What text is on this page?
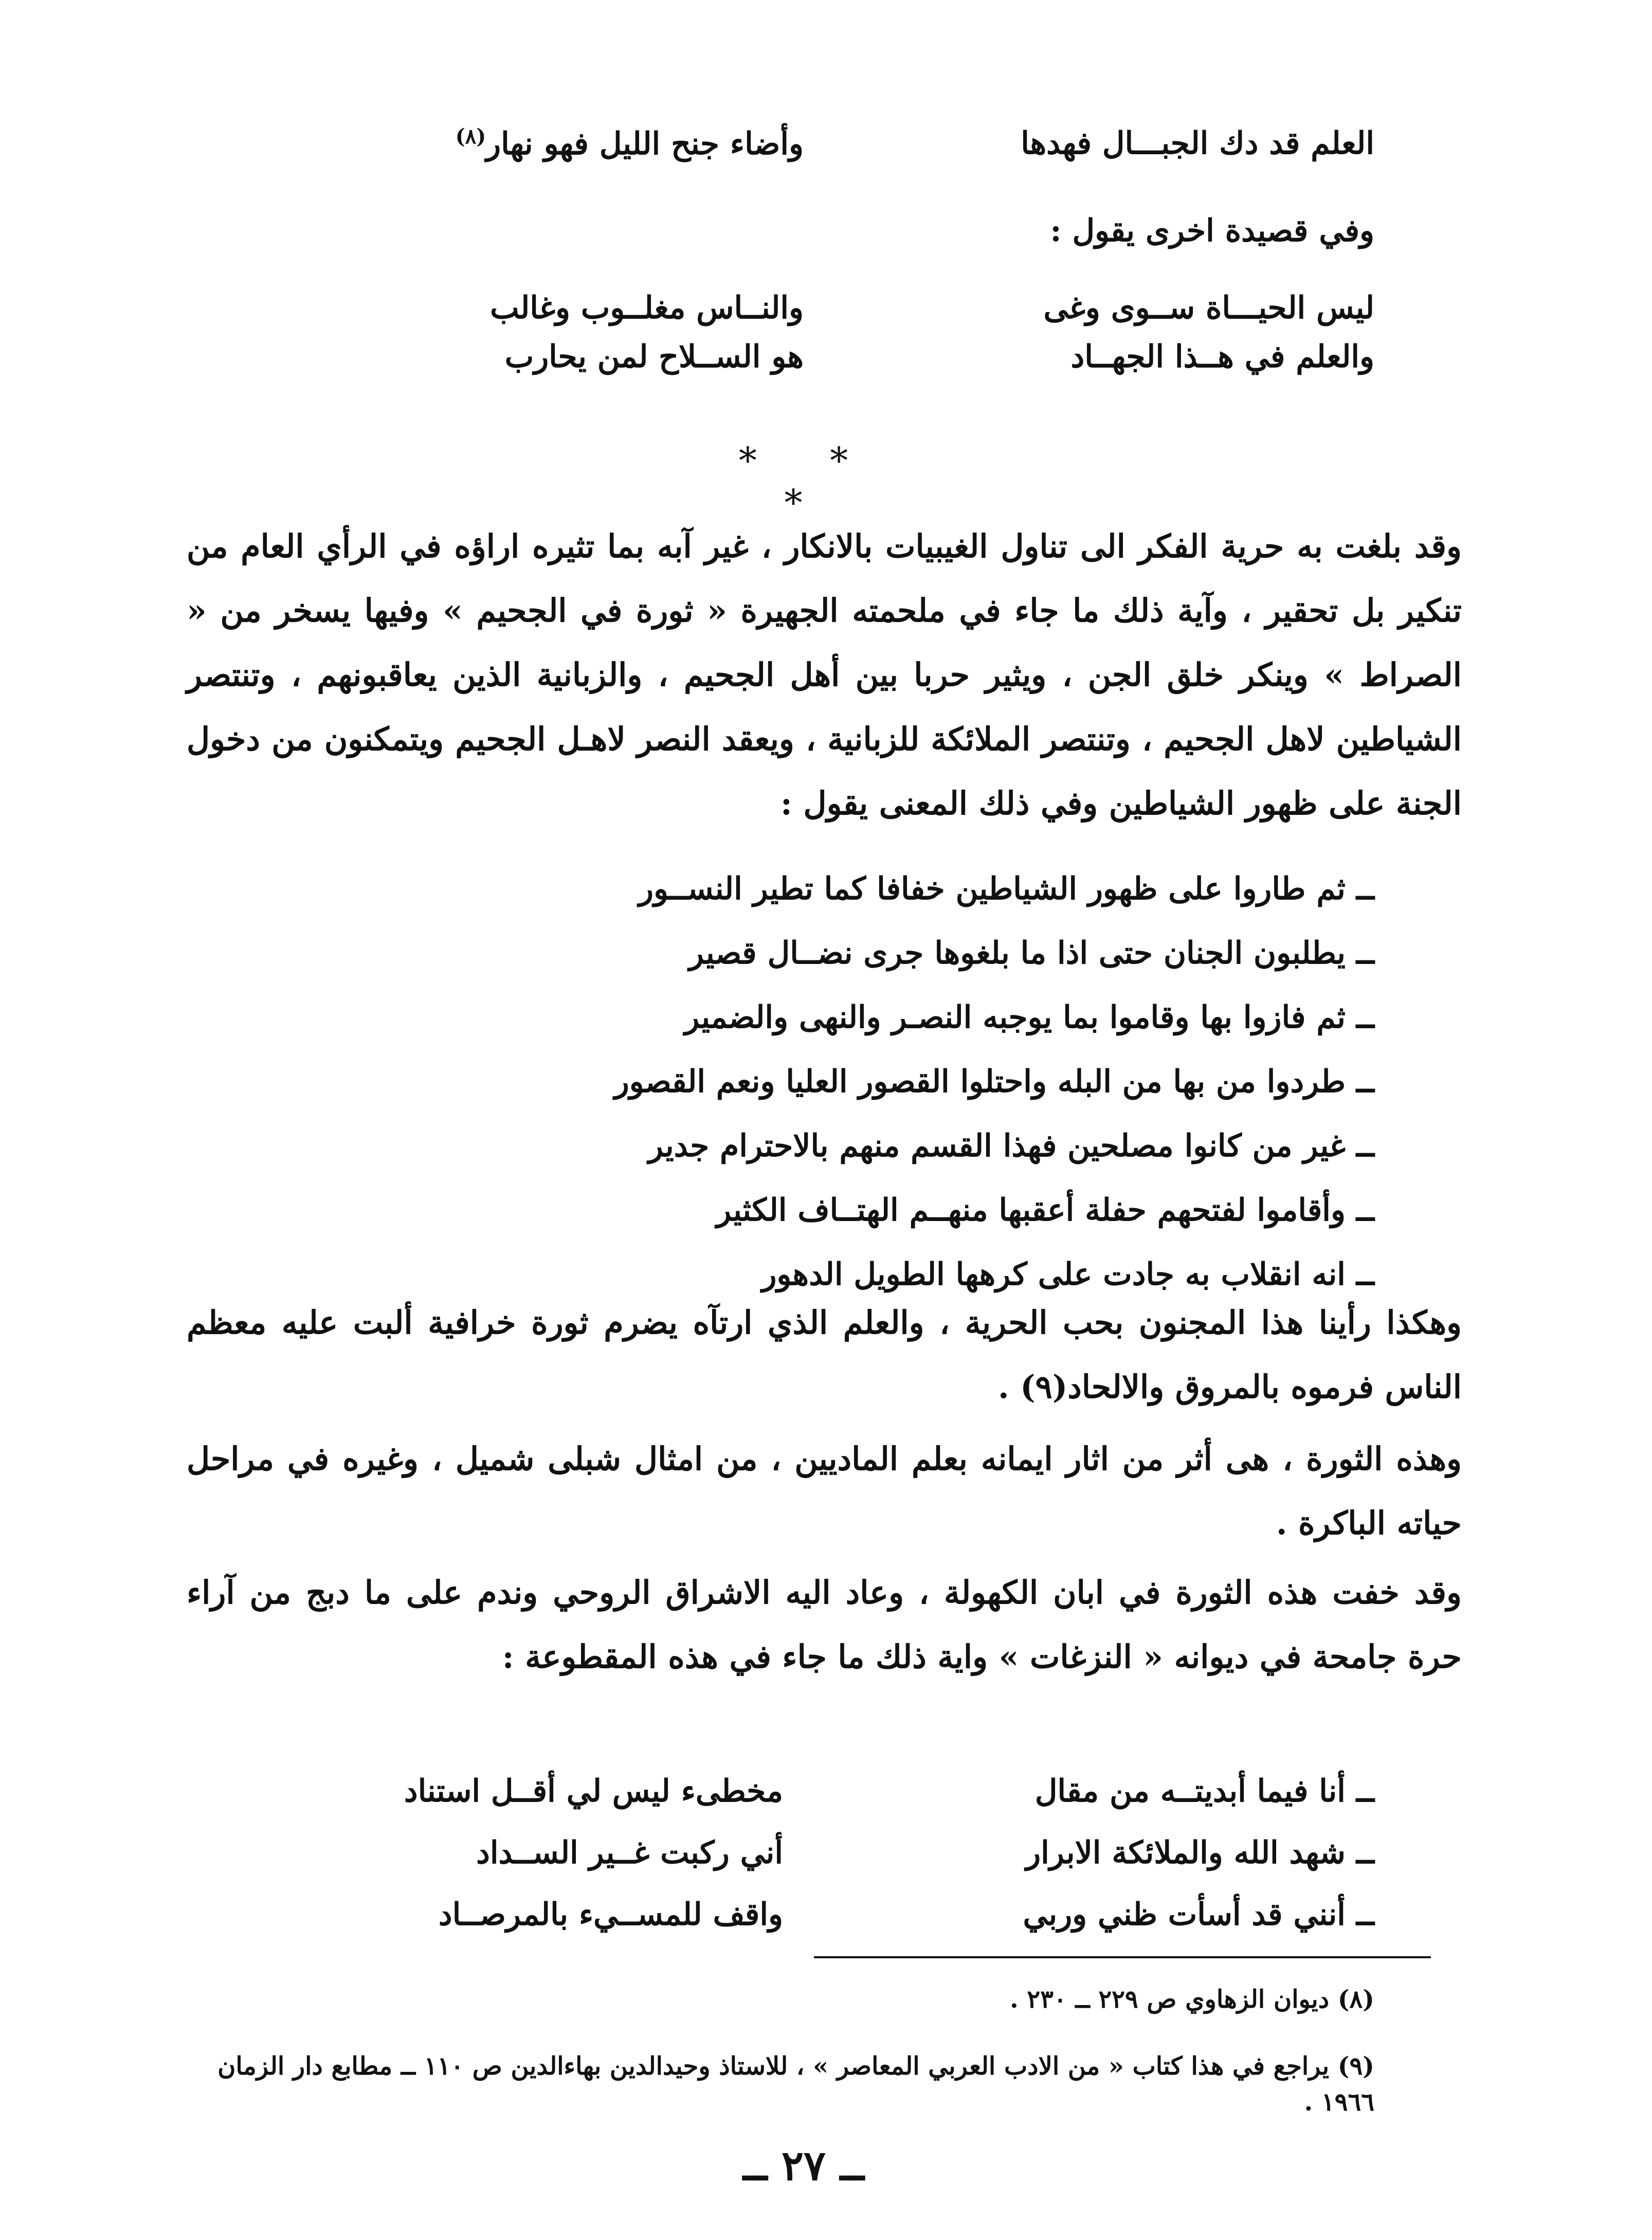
العلم قد دك الجبـــال فهدها
وأضاء جنح الليل فهو نهار$^{(٨)}$
وفي قصيدة اخرى يقول :
ليس الحيـــاة ســوى وغى
والنــاس مغلــوب وغالب
والعلم في هــذا الجهــاد
هو الســلاح لمن يحارب
* * *
وقد بلغت به حرية الفكر الى تناول الغيبيات بالانكار ، غير آبه بما تثيره اراؤه في الرأي العام من تنكير بل تحقير ، وآية ذلك ما جاء في ملحمته الجهيرة « ثورة في الجحيم » وفيها يسخر من « الصراط » وينكر خلق الجن ، ويثير حربا بين أهل الجحيم ، والزبانية الذين يعاقبونهم ، وتنتصر الشياطين لاهل الجحيم ، وتنتصر الملائكة للزبانية ، ويعقد النصر لاهـل الجحيم ويتمكنون من دخول الجنة على ظهور الشياطين وفي ذلك المعنى يقول :
ــ ثم طاروا على ظهور الشياطين خفافا كما تطير النســور
ــ يطلبون الجنان حتى اذا ما بلغوها جرى نضــال قصير
ــ ثم فازوا بها وقاموا بما يوجبه النصـر والنهى والضمير
ــ طردوا من بها من البله واحتلوا القصور العليا ونعم القصور
ــ غير من كانوا مصلحين فهذا القسم منهم بالاحترام جدير
ــ وأقاموا لفتحهم حفلة أعقبها منهــم الهتــاف الكثير
ــ انه انقلاب به جادت على كرهها الطويل الدهور
وهكذا رأينا هذا المجنون بحب الحرية ، والعلم الذي ارتآه يضرم ثورة خرافية ألبت عليه معظم الناس فرموه بالمروق والالحاد(٩) .
وهذه الثورة ، هى أثر من اثار ايمانه بعلم الماديين ، من امثال شبلى شميل ، وغيره في مراحل حياته الباكرة .
وقد خفت هذه الثورة في ابان الكهولة ، وعاد اليه الاشراق الروحي وندم على ما دبج من آراء حرة جامحة في ديوانه « النزغات » واية ذلك ما جاء في هذه المقطوعة :
ــ أنا فيما أبديتــه من مقال
مخطىء ليس لي أقــل استناد
ــ شهد الله والملائكة الابرار
أني ركبت غــير الســداد
ــ أنني قد أسأت ظني وربي
واقف للمســيء بالمرصــاد
(٨) ديوان الزهاوي ص ٢٢٩ ــ ٢٣٠ .
(٩) يراجع في هذا كتاب « من الادب العربي المعاصر » ، للاستاذ وحيدالدين بهاءالدين ص ١١٠ ــ مطابع دار الزمان ١٩٦٦ .
ــ ٢٧ ــ
